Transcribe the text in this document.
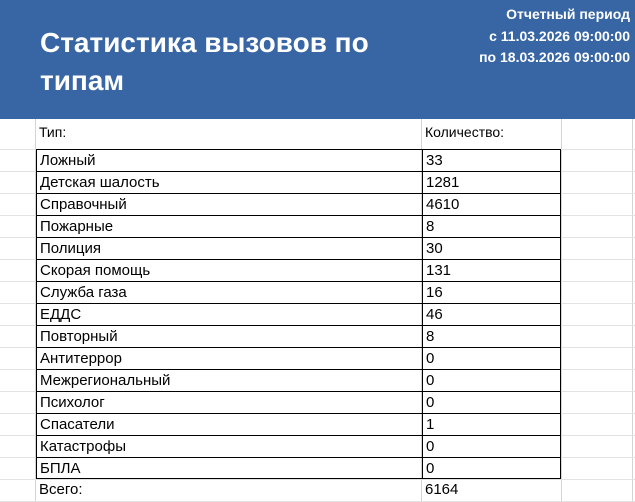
Статистика вызовов по типам
Отчетный период
с 11.03.2026 09:00:00
по 18.03.2026 09:00:00
Тип:	Количество:
Ложный	33
Детская шалость	1281
Справочный	4610
Пожарные	8
Полиция	30
Скорая помощь	131
Служба газа	16
ЕДДС	46
Повторный	8
Антитеррор	0
Межрегиональный	0
Психолог	0
Спасатели	1
Катастрофы	0
БПЛА	0
Всего:	6164
